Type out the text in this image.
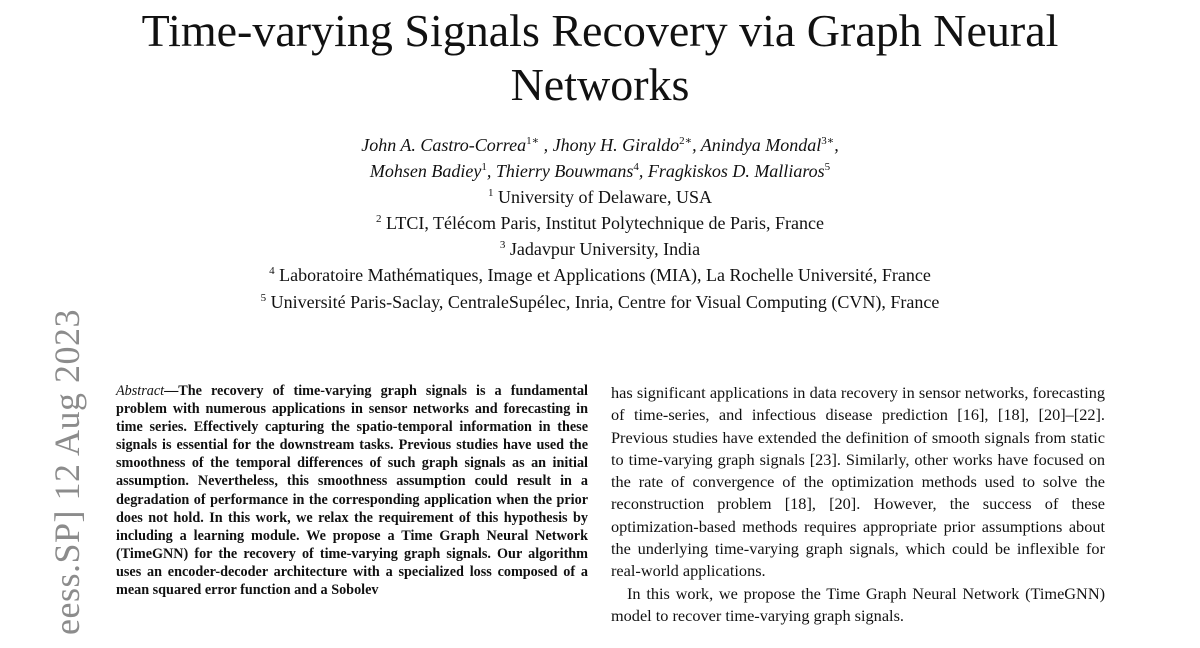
Time-varying Signals Recovery via Graph Neural Networks
John A. Castro-Correa$^{1∗}$ , Jhony H. Giraldo$^{2∗}$, Anindya Mondal$^{3∗}$,
Mohsen Badiey$^1$, Thierry Bouwmans$^4$, Fragkiskos D. Malliaros$^5$
$^1$ University of Delaware, USA
$^2$ LTCI, Télécom Paris, Institut Polytechnique de Paris, France
$^3$ Jadavpur University, India
$^4$ Laboratoire Mathématiques, Image et Applications (MIA), La Rochelle Université, France
$^5$ Université Paris-Saclay, CentraleSupélec, Inria, Centre for Visual Computing (CVN), France
eess.SP] 12 Aug 2023 Abstract—The recovery of time-varying graph signals is a fundamental problem with numerous applications in sensor networks and forecasting in time series. Effectively capturing the spatio-temporal information in these signals is essential for the downstream tasks. Previous studies have used the smoothness of the temporal differences of such graph signals as an initial assumption. Nevertheless, this smoothness assumption could result in a degradation of performance in the corresponding application when the prior does not hold. In this work, we relax the requirement of this hypothesis by including a learning module. We propose a Time Graph Neural Network (TimeGNN) for the recovery of time-varying graph signals. Our algorithm uses an encoder-decoder architecture with a specialized loss composed of a mean squared error function and a Sobolev

has significant applications in data recovery in sensor networks, forecasting of time-series, and infectious disease prediction [16], [18], [20]–[22]. Previous studies have extended the definition of smooth signals from static to time-varying graph signals [23]. Similarly, other works have focused on the rate of convergence of the optimization methods used to solve the reconstruction problem [18], [20]. However, the success of these optimization-based methods requires appropriate prior assumptions about the underlying time-varying graph signals, which could be inflexible for real-world applications.

In this work, we propose the Time Graph Neural Network (TimeGNN) model to recover time-varying graph signals.
